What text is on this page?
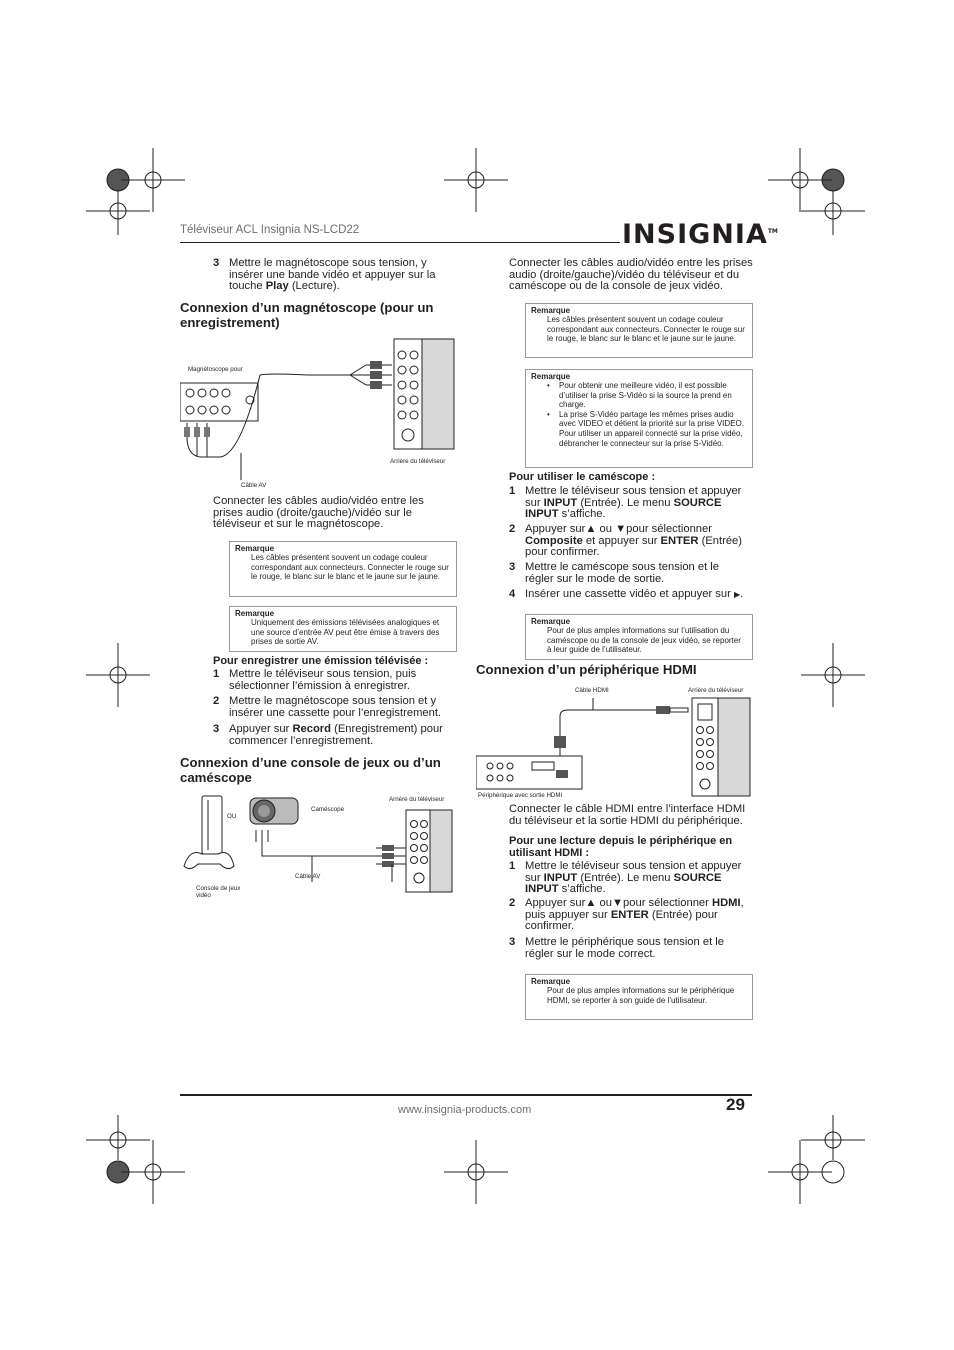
Téléviseur ACL Insignia NS-LCD22	INSIGNIA™
3 Mettre le magnétoscope sous tension, y insérer une bande vidéo et appuyer sur la touche Play (Lecture).
Connexion d’un magnétoscope (pour un enregistrement)
Magnétoscope pour
Câble AV
Arrière du téléviseur
Connecter les câbles audio/vidéo entre les prises audio (droite/gauche)/vidéo sur le téléviseur et sur le magnétoscope.
Remarque
Les câbles présentent souvent un codage couleur correspondant aux connecteurs. Connecter le rouge sur le rouge, le blanc sur le blanc et le jaune sur le jaune.
Remarque
Uniquement des émissions télévisées analogiques et une source d’entrée AV peut être émise à travers des prises de sortie AV.
Pour enregistrer une émission télévisée :
1 Mettre le téléviseur sous tension, puis sélectionner l’émission à enregistrer.
2 Mettre le magnétoscope sous tension et y insérer une cassette pour l’enregistrement.
3 Appuyer sur Record (Enregistrement) pour commencer l’enregistrement.
Connexion d’une console de jeux ou d’un caméscope
Arrière du téléviseur
OU
Caméscope
Câble AV
Console de jeux vidéo
Connecter les câbles audio/vidéo entre les prises audio (droite/gauche)/vidéo du téléviseur et du caméscope ou de la console de jeux vidéo.
Remarque
Les câbles présentent souvent un codage couleur correspondant aux connecteurs. Connecter le rouge sur le rouge, le blanc sur le blanc et le jaune sur le jaune.
Remarque
• Pour obtenir une meilleure vidéo, il est possible d’utiliser la prise S-Vidéo si la source la prend en charge.
• La prise S-Vidéo partage les mêmes prises audio avec VIDEO et détient la priorité sur la prise VIDEO. Pour utiliser un appareil connecté sur la prise vidéo, débrancher le connecteur sur la prise S-Vidéo.
Pour utiliser le caméscope :
1 Mettre le téléviseur sous tension et appuyer sur INPUT (Entrée). Le menu SOURCE INPUT s’affiche.
2 Appuyer sur▲ ou ▼pour sélectionner Composite et appuyer sur ENTER (Entrée) pour confirmer.
3 Mettre le caméscope sous tension et le régler sur le mode de sortie.
4 Insérer une cassette vidéo et appuyer sur ▶.
Remarque
Pour de plus amples informations sur l’utilisation du caméscope ou de la console de jeux vidéo, se reporter à leur guide de l’utilisateur.
Connexion d’un périphérique HDMI
Câble HDMI	Arrière du téléviseur
Périphérique avec sortie HDMI
Connecter le câble HDMI entre l’interface HDMI du téléviseur et la sortie HDMI du périphérique.
Pour une lecture depuis le périphérique en utilisant HDMI :
1 Mettre le téléviseur sous tension et appuyer sur INPUT (Entrée). Le menu SOURCE INPUT s’affiche.
2 Appuyer sur▲ ou▼pour sélectionner HDMI, puis appuyer sur ENTER (Entrée) pour confirmer.
3 Mettre le périphérique sous tension et le régler sur le mode correct.
Remarque
Pour de plus amples informations sur le périphérique HDMI, se reporter à son guide de l’utilisateur.
www.insignia-products.com	29
